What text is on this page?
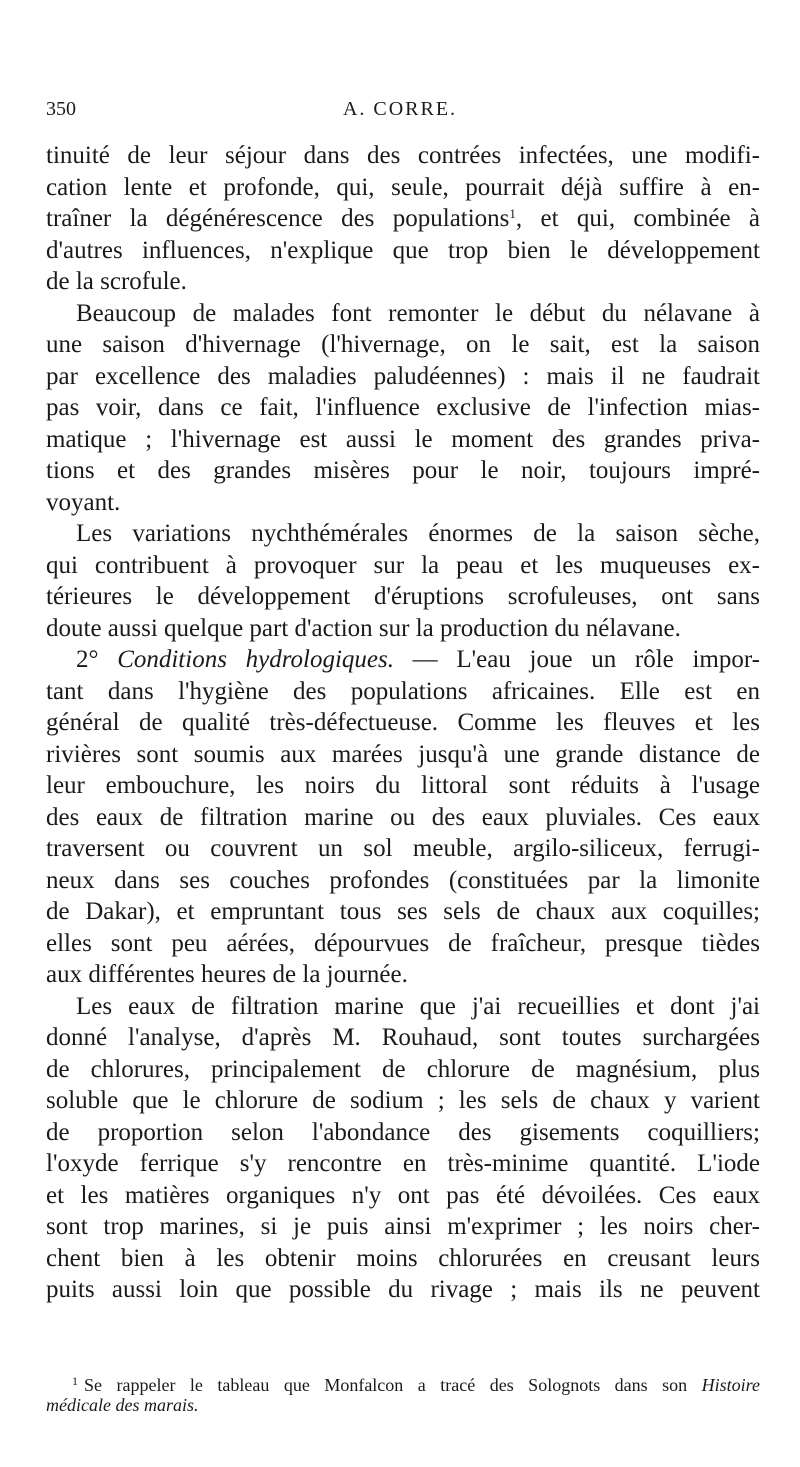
350	A. CORRE.
tinuité de leur séjour dans des contrées infectées, une modifi-
cation lente et profonde, qui, seule, pourrait déjà suffire à en-
traîner la dégénérescence des populations$^1$, et qui, combinée à
d'autres influences, n'explique que trop bien le développement
de la scrofule.
Beaucoup de malades font remonter le début du nélavane à
une saison d'hivernage (l'hivernage, on le sait, est la saison
par excellence des maladies paludéennes) : mais il ne faudrait
pas voir, dans ce fait, l'influence exclusive de l'infection mias-
matique ; l'hivernage est aussi le moment des grandes priva-
tions et des grandes misères pour le noir, toujours impré-
voyant.
Les variations nychthémérales énormes de la saison sèche,
qui contribuent à provoquer sur la peau et les muqueuses ex-
térieures le développement d'éruptions scrofuleuses, ont sans
doute aussi quelque part d'action sur la production du nélavane.
2° Conditions hydrologiques. — L'eau joue un rôle impor-
tant dans l'hygiène des populations africaines. Elle est en
général de qualité très-défectueuse. Comme les fleuves et les
rivières sont soumis aux marées jusqu'à une grande distance de
leur embouchure, les noirs du littoral sont réduits à l'usage
des eaux de filtration marine ou des eaux pluviales. Ces eaux
traversent ou couvrent un sol meuble, argilo-siliceux, ferrugi-
neux dans ses couches profondes (constituées par la limonite
de Dakar), et empruntant tous ses sels de chaux aux coquilles;
elles sont peu aérées, dépourvues de fraîcheur, presque tièdes
aux différentes heures de la journée.
Les eaux de filtration marine que j'ai recueillies et dont j'ai
donné l'analyse, d'après M. Rouhaud, sont toutes surchargées
de chlorures, principalement de chlorure de magnésium, plus
soluble que le chlorure de sodium ; les sels de chaux y varient
de proportion selon l'abondance des gisements coquilliers;
l'oxyde ferrique s'y rencontre en très-minime quantité. L'iode
et les matières organiques n'y ont pas été dévoilées. Ces eaux
sont trop marines, si je puis ainsi m'exprimer ; les noirs cher-
chent bien à les obtenir moins chlorurées en creusant leurs
puits aussi loin que possible du rivage ; mais ils ne peuvent
$^1$ Se rappeler le tableau que Monfalcon a tracé des Solognots dans son Histoire
médicale des marais.
